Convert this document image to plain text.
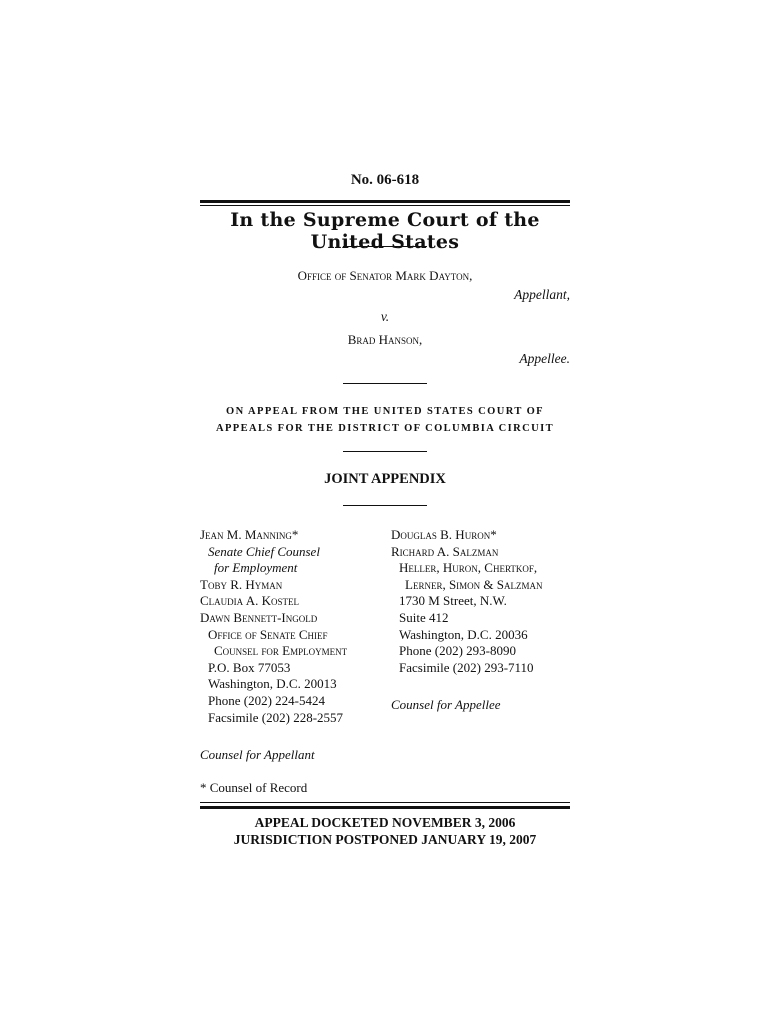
No. 06-618
In the Supreme Court of the United States
Office of Senator Mark Dayton,
Appellant,
v.
Brad Hanson,
Appellee.
ON APPEAL FROM THE UNITED STATES COURT OF
APPEALS FOR THE DISTRICT OF COLUMBIA CIRCUIT
JOINT APPENDIX
Jean M. Manning*
Senate Chief Counsel
for Employment
Toby R. Hyman
Claudia A. Kostel
Dawn Bennett-Ingold
Office of Senate Chief
Counsel for Employment
P.O. Box 77053
Washington, D.C. 20013
Phone (202) 224-5424
Facsimile (202) 228-2557
Douglas B. Huron*
Richard A. Salzman
Heller, Huron, Chertkof,
Lerner, Simon & Salzman
1730 M Street, N.W.
Suite 412
Washington, D.C. 20036
Phone (202) 293-8090
Facsimile (202) 293-7110
Counsel for Appellee
Counsel for Appellant
* Counsel of Record
APPEAL DOCKETED NOVEMBER 3, 2006
JURISDICTION POSTPONED JANUARY 19, 2007
